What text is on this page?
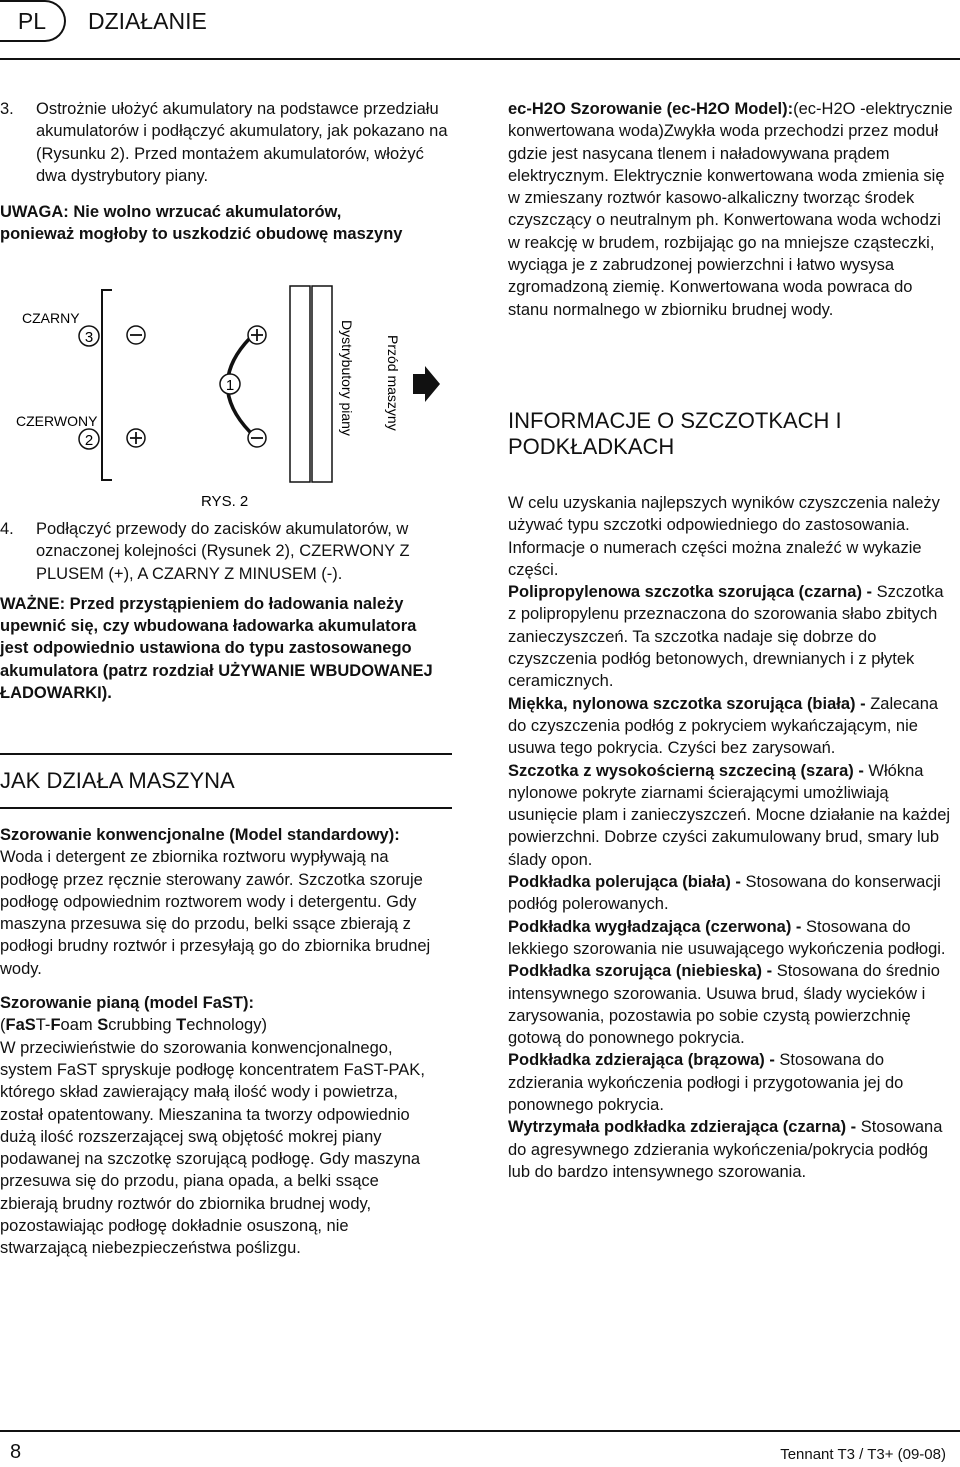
PL	DZIAŁANIE
3.	Ostrożnie ułożyć akumulatory na podstawce przedziału akumulatorów i podłączyć akumulatory, jak pokazano na (Rysunku 2). Przed montażem akumulatorów, włożyć dwa dystrybutory piany.

UWAGA: Nie wolno wrzucać akumulatorów, ponieważ mogłoby to uszkodzić obudowę maszyny

3
2
CZARNY
CZERWONY
1	Dystrybutory piany Przód maszyny
RYS. 2
4.	Podłączyć przewody do zacisków akumulatorów, w oznaczonej kolejności (Rysunek 2), CZERWONY Z PLUSEM (+), A CZARNY Z MINUSEM (-).

WAŻNE: Przed przystąpieniem do ładowania należy upewnić się, czy wbudowana ładowarka akumulatora jest odpowiednio ustawiona do typu zastosowanego akumulatora (patrz rozdział UŻYWANIE WBUDOWANEJ ŁADOWARKI).

JAK DZIAŁA MASZYNA

Szorowanie konwencjonalne (Model standardowy): Woda i detergent ze zbiornika roztworu wypływają na podłogę przez ręcznie sterowany zawór. Szczotka szoruje podłogę odpowiednim roztworem wody i detergentu. Gdy maszyna przesuwa się do przodu, belki ssące zbierają z podłogi brudny roztwór i przesyłają go do zbiornika brudnej wody.

Szorowanie pianą (model FaST):

(FaST-Foam Scrubbing Technology)

W przeciwieństwie do szorowania konwencjonalnego, system FaST spryskuje podłogę koncentratem FaST-PAK, którego skład zawierający małą ilość wody i powietrza, został opatentowany. Mieszanina ta tworzy odpowiednio dużą ilość rozszerzającej swą objętość mokrej piany podawanej na szczotkę szorującą podłogę. Gdy maszyna przesuwa się do przodu, piana opada, a belki ssące zbierają brudny roztwór do zbiornika brudnej wody, pozostawiając podłogę dokładnie osuszoną, nie stwarzającą niebezpieczeństwa poślizgu.

ec-H2O Szorowanie (ec-H2O Model):(ec-H2O -elektrycznie konwertowana woda)Zwykła woda przechodzi przez moduł gdzie jest nasycana tlenem i naładowywana prądem elektrycznym. Elektrycznie konwertowana woda zmienia się w zmieszany roztwór kasowo-alkaliczny tworząc środek czyszczący o neutralnym ph. Konwertowana woda wchodzi w reakcję w brudem, rozbijając go na mniejsze cząsteczki, wyciąga je z zabrudzonej powierzchni i łatwo wysysa zgromadzoną ziemię. Konwertowana woda powraca do stanu normalnego w zbiorniku brudnej wody.

INFORMACJE O SZCZOTKACH I PODKŁADKACH

W celu uzyskania najlepszych wyników czyszczenia należy używać typu szczotki odpowiedniego do zastosowania. Informacje o numerach części można znaleźć w wykazie części.

Polipropylenowa szczotka szorująca (czarna) - Szczotka z polipropylenu przeznaczona do szorowania słabo zbitych zanieczyszczeń. Ta szczotka nadaje się dobrze do czyszczenia podłóg betonowych, drewnianych i z płytek ceramicznych.

Miękka, nylonowa szczotka szorująca (biała) - Zalecana do czyszczenia podłóg z pokryciem wykańczającym, nie usuwa tego pokrycia. Czyści bez zarysowań.

Szczotka z wysokościerną szczeciną (szara) - Włókna nylonowe pokryte ziarnami ścierającymi umożliwiają usunięcie plam i zanieczyszczeń. Mocne działanie na każdej powierzchni. Dobrze czyści zakumulowany brud, smary lub ślady opon.

Podkładka polerująca (biała) - Stosowana do konserwacji podłóg polerowanych.

Podkładka wygładzająca (czerwona) - Stosowana do lekkiego szorowania nie usuwającego wykończenia podłogi.

Podkładka szorująca (niebieska) - Stosowana do średnio intensywnego szorowania. Usuwa brud, ślady wycieków i zarysowania, pozostawia po sobie czystą powierzchnię gotową do ponownego pokrycia.

Podkładka zdzierająca (brązowa) - Stosowana do zdzierania wykończenia podłogi i przygotowania jej do ponownego pokrycia.

Wytrzymała podkładka zdzierająca (czarna) - Stosowana do agresywnego zdzierania wykończenia/pokrycia podłóg lub do bardzo intensywnego szorowania.

8	Tennant T3 / T3+ (09-08)
